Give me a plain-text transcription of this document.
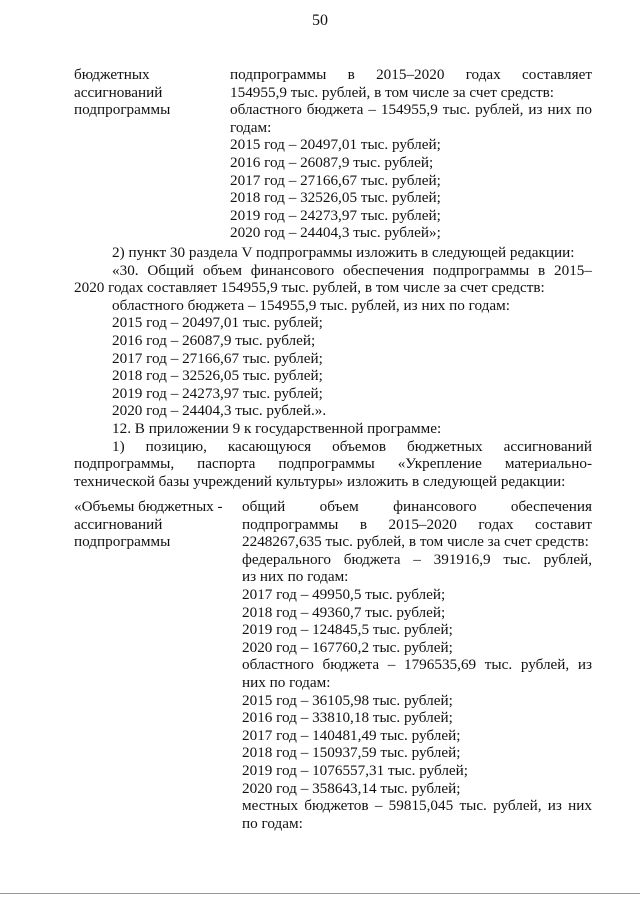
50
бюджетных
ассигнований
подпрограммы
подпрограммы в 2015–2020 годах составляет
154955,9 тыс. рублей, в том числе за счет средств:
областного бюджета – 154955,9 тыс. рублей, из них по
годам:
2015 год – 20497,01 тыс. рублей;
2016 год – 26087,9 тыс. рублей;
2017 год – 27166,67 тыс. рублей;
2018 год – 32526,05 тыс. рублей;
2019 год – 24273,97 тыс. рублей;
2020 год – 24404,3 тыс. рублей»;
2) пункт 30 раздела V подпрограммы изложить в следующей редакции:
«30. Общий объем финансового обеспечения подпрограммы в 2015–
2020 годах составляет 154955,9 тыс. рублей, в том числе за счет средств:
областного бюджета – 154955,9 тыс. рублей, из них по годам:
2015 год – 20497,01 тыс. рублей;
2016 год – 26087,9 тыс. рублей;
2017 год – 27166,67 тыс. рублей;
2018 год – 32526,05 тыс. рублей;
2019 год – 24273,97 тыс. рублей;
2020 год – 24404,3 тыс. рублей.».
12. В приложении 9 к государственной программе:
1) позицию, касающуюся объемов бюджетных ассигнований
подпрограммы, паспорта подпрограммы «Укрепление материально-
технической базы учреждений культуры» изложить в следующей редакции:
«Объемы бюджетных -
ассигнований
подпрограммы
общий объем финансового обеспечения
подпрограммы в 2015–2020 годах составит
2248267,635 тыс. рублей, в том числе за счет средств:
федерального бюджета – 391916,9 тыс. рублей,
из них по годам:
2017 год – 49950,5 тыс. рублей;
2018 год – 49360,7 тыс. рублей;
2019 год – 124845,5 тыс. рублей;
2020 год – 167760,2 тыс. рублей;
областного бюджета – 1796535,69 тыс. рублей, из
них по годам:
2015 год – 36105,98 тыс. рублей;
2016 год – 33810,18 тыс. рублей;
2017 год – 140481,49 тыс. рублей;
2018 год – 150937,59 тыс. рублей;
2019 год – 1076557,31 тыс. рублей;
2020 год – 358643,14 тыс. рублей;
местных бюджетов – 59815,045 тыс. рублей, из них
по годам:
